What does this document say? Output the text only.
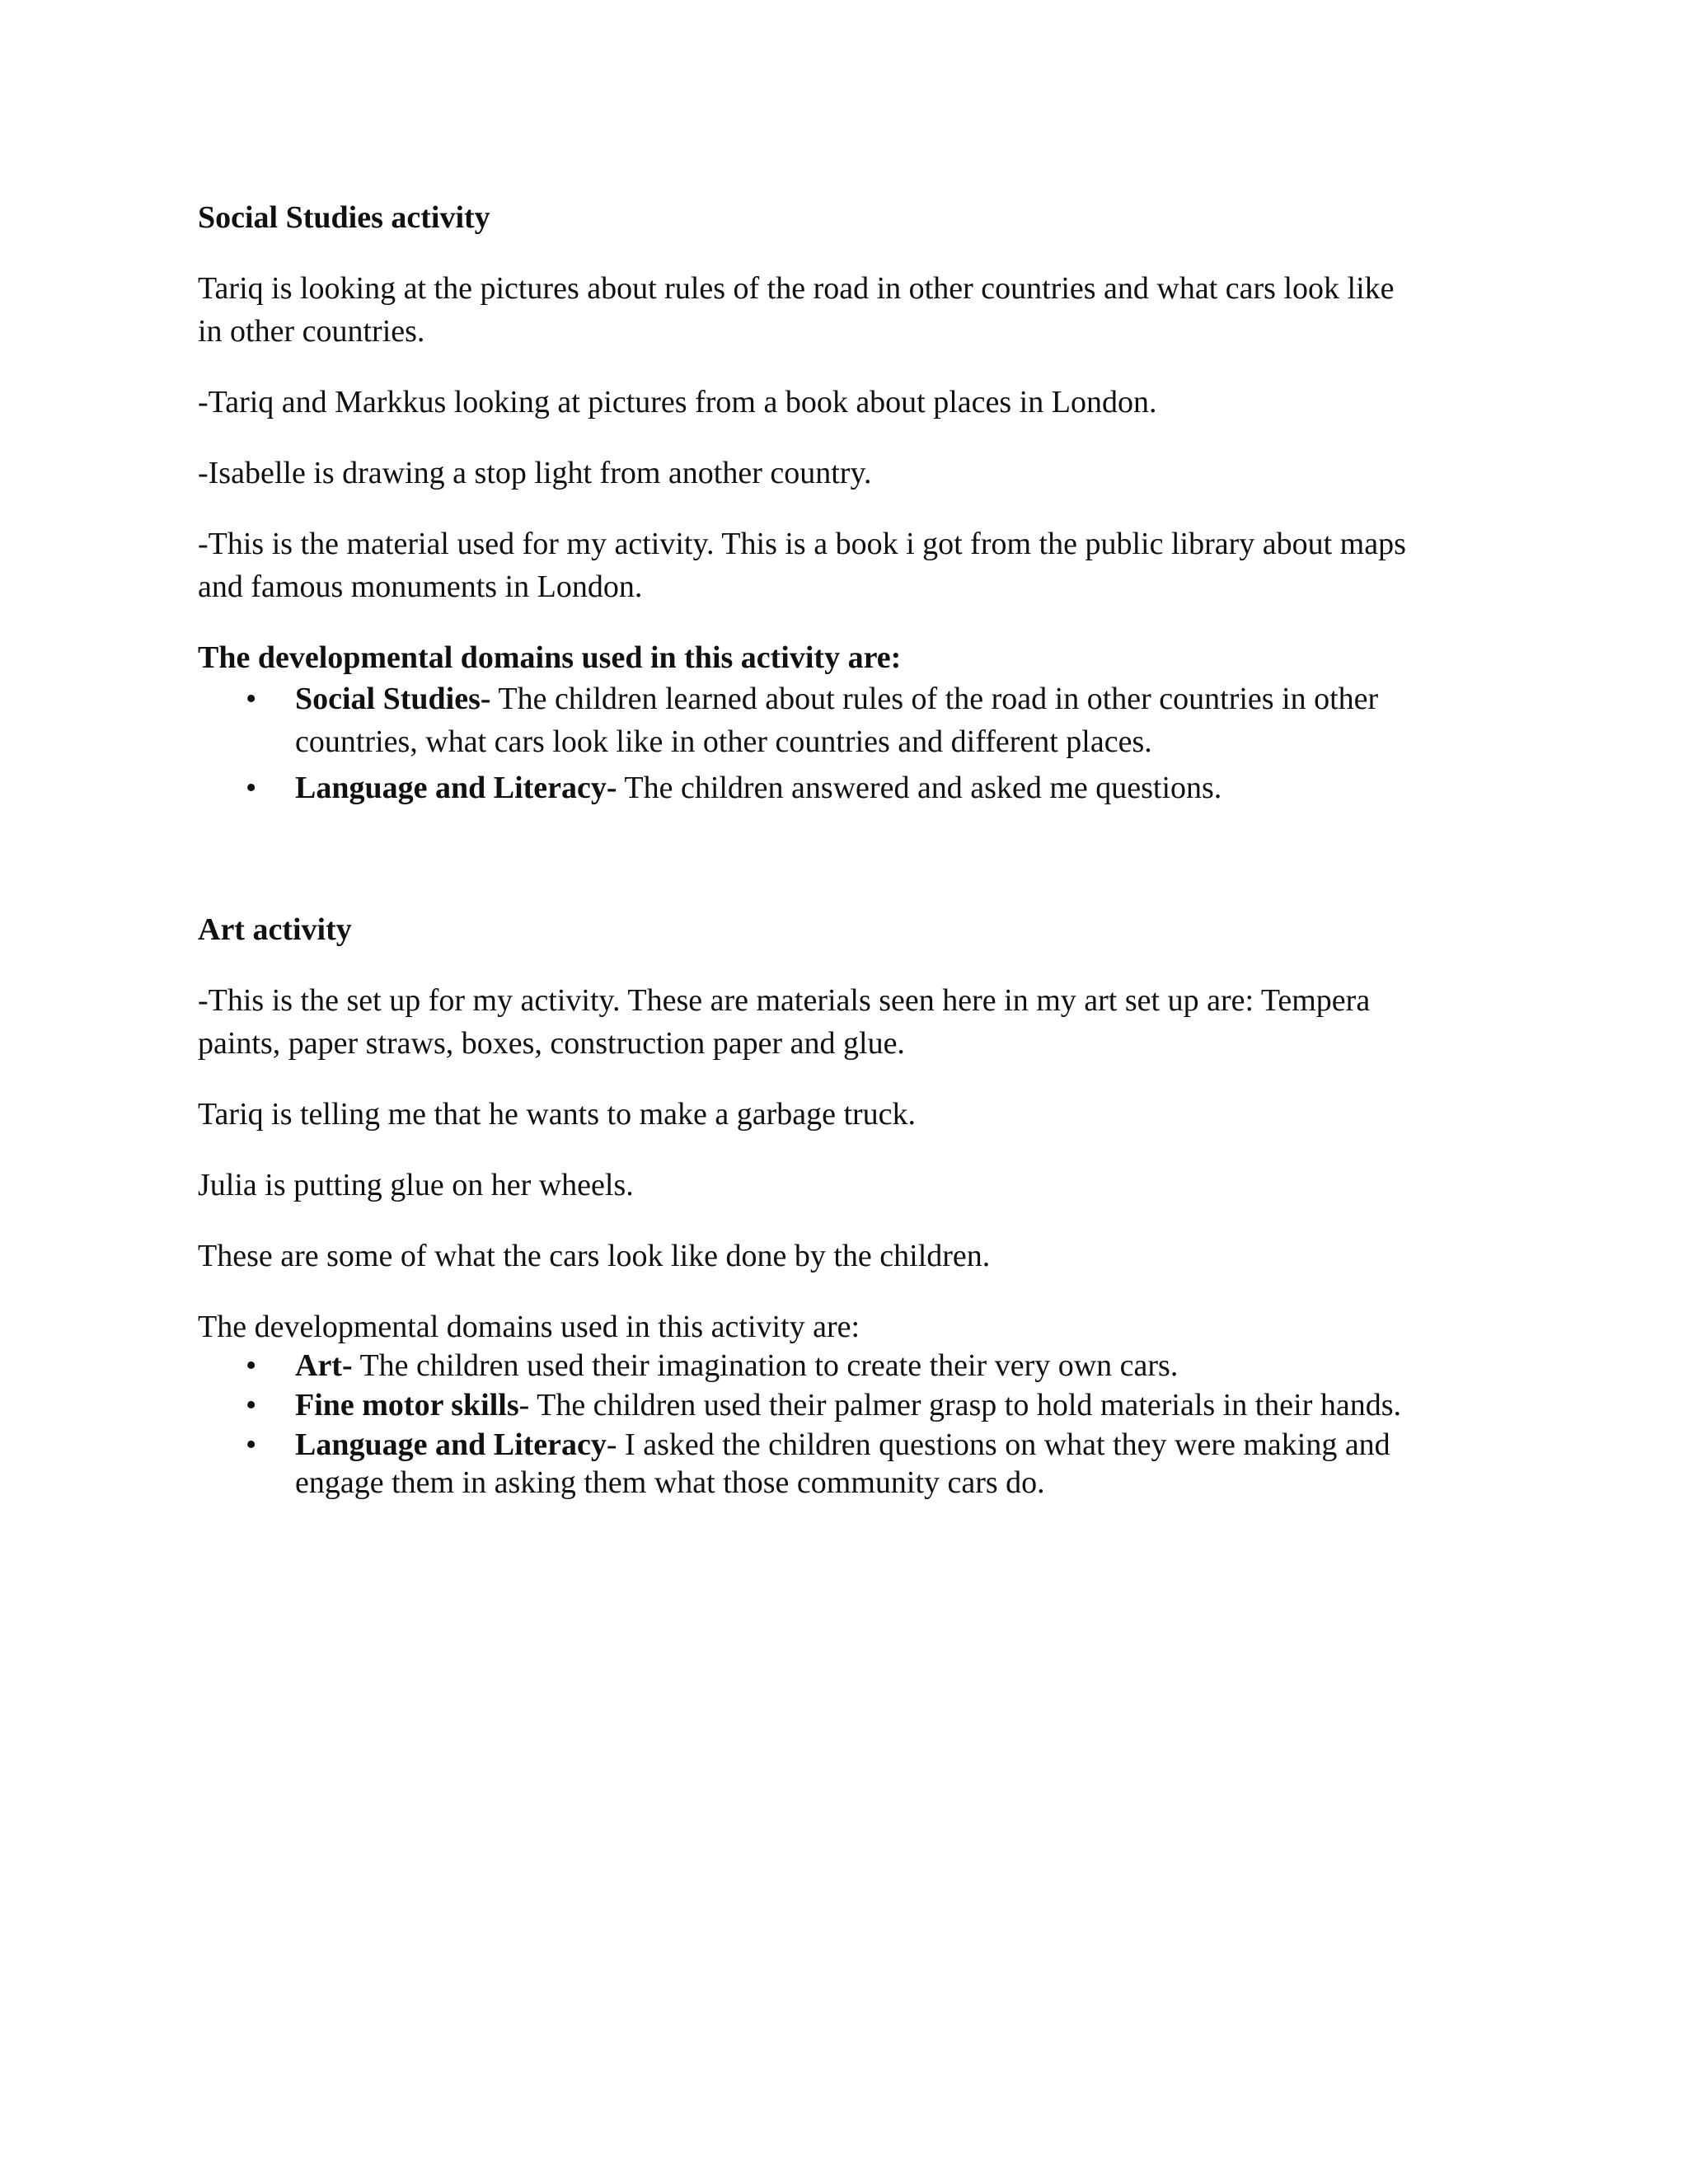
Social Studies activity
Tariq is looking at the pictures about rules of the road in other countries and what cars look like
in other countries.
-Tariq and Markkus looking at pictures from a book about places in London.
-Isabelle is drawing a stop light from another country.
-This is the material used for my activity. This is a book i got from the public library about maps
and famous monuments in London.
The developmental domains used in this activity are:
• Social Studies- The children learned about rules of the road in other countries in other
countries, what cars look like in other countries and different places.
• Language and Literacy- The children answered and asked me questions.
Art activity
-This is the set up for my activity. These are materials seen here in my art set up are: Tempera
paints, paper straws, boxes, construction paper and glue.
Tariq is telling me that he wants to make a garbage truck.
Julia is putting glue on her wheels.
These are some of what the cars look like done by the children.
The developmental domains used in this activity are:
• Art- The children used their imagination to create their very own cars.
• Fine motor skills- The children used their palmer grasp to hold materials in their hands.
• Language and Literacy- I asked the children questions on what they were making and
engage them in asking them what those community cars do.
